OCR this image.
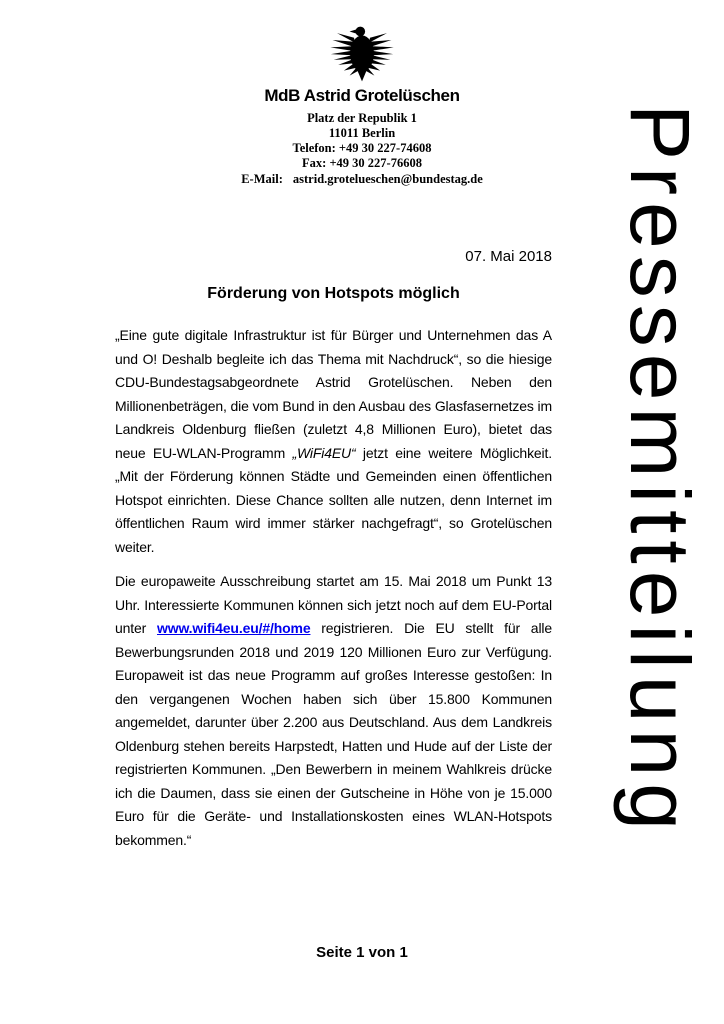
MdB Astrid Grotelüschen
Platz der Republik 1
11011 Berlin
Telefon: +49 30 227-74608
Fax: +49 30 227-76608
E-Mail: astrid.grotelueschen@bundestag.de	Pressemitteilung

07. Mai 2018

Förderung von Hotspots möglich

„Eine gute digitale Infrastruktur ist für Bürger und Unternehmen das A und O! Deshalb begleite ich das Thema mit Nachdruck“, so die hiesige CDU-Bundestagsabgeordnete Astrid Grotelüschen. Neben den Millionenbeträgen, die vom Bund in den Ausbau des Glasfasernetzes im Landkreis Oldenburg fließen (zuletzt 4,8 Millionen Euro), bietet das neue EU-WLAN-Programm „WiFi4EU“ jetzt eine weitere Möglichkeit. „Mit der Förderung können Städte und Gemeinden einen öffentlichen Hotspot einrichten. Diese Chance sollten alle nutzen, denn Internet im öffentlichen Raum wird immer stärker nachgefragt“, so Grotelüschen weiter.

Die europaweite Ausschreibung startet am 15. Mai 2018 um Punkt 13 Uhr. Interessierte Kommunen können sich jetzt noch auf dem EU-Portal unter www.wifi4eu.eu/#/home registrieren. Die EU stellt für alle Bewerbungsrunden 2018 und 2019 120 Millionen Euro zur Verfügung. Europaweit ist das neue Programm auf großes Interesse gestoßen: In den vergangenen Wochen haben sich über 15.800 Kommunen angemeldet, darunter über 2.200 aus Deutschland. Aus dem Landkreis Oldenburg stehen bereits Harpstedt, Hatten und Hude auf der Liste der registrierten Kommunen. „Den Bewerbern in meinem Wahlkreis drücke ich die Daumen, dass sie einen der Gutscheine in Höhe von je 15.000 Euro für die Geräte- und Installationskosten eines WLAN-Hotspots bekommen.“

Seite 1 von 1
